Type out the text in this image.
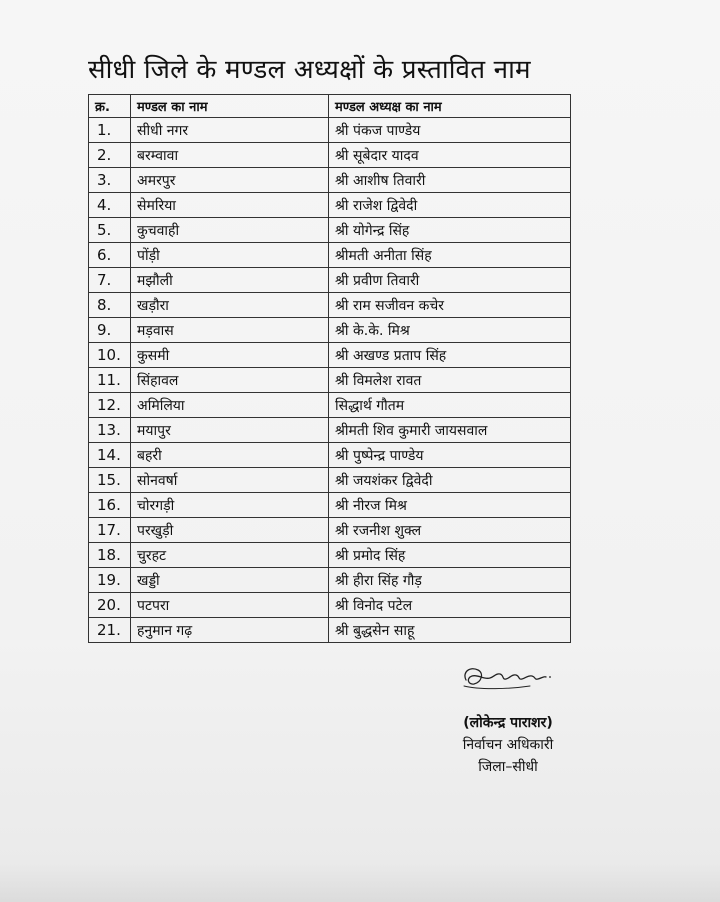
सीधी जिले के मण्डल अध्यक्षों के प्रस्तावित नाम
क्र.	मण्डल का नाम	मण्डल अध्यक्ष का नाम
1.	सीधी नगर	श्री पंकज पाण्डेय
2.	बरम्वावा	श्री सूबेदार यादव
3.	अमरपुर	श्री आशीष तिवारी
4.	सेमरिया	श्री राजेश द्विवेदी
5.	कुचवाही	श्री योगेन्द्र सिंह
6.	पोंड़ी	श्रीमती अनीता सिंह
7.	मझौली	श्री प्रवीण तिवारी
8.	खड़ौरा	श्री राम सजीवन कचेर
9.	मड़वास	श्री के.के. मिश्र
10.	कुसमी	श्री अखण्ड प्रताप सिंह
11.	सिंहावल	श्री विमलेश रावत
12.	अमिलिया	सिद्धार्थ गौतम
13.	मयापुर	श्रीमती शिव कुमारी जायसवाल
14.	बहरी	श्री पुष्पेन्द्र पाण्डेय
15.	सोनवर्षा	श्री जयशंकर द्विवेदी
16.	चोरगड़ी	श्री नीरज मिश्र
17.	परखुड़ी	श्री रजनीश शुक्ल
18.	चुरहट	श्री प्रमोद सिंह
19.	खड्डी	श्री हीरा सिंह गौड़
20.	पटपरा	श्री विनोद पटेल
21.	हनुमान गढ़	श्री बुद्धसेन साहू
(लोकेन्द्र पाराशर)
निर्वाचन अधिकारी
जिला–सीधी
